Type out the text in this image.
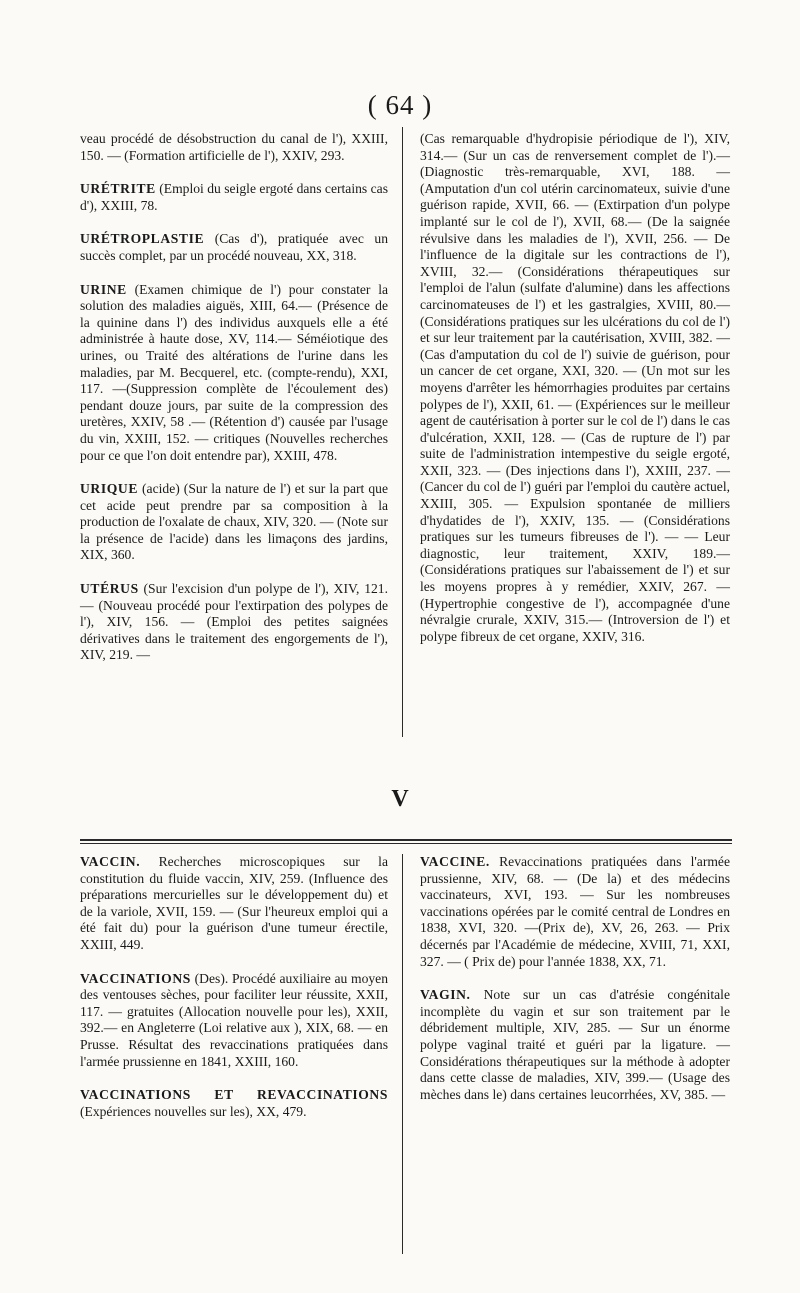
( 64 )

veau procédé de désobstruction du canal de l'), XXIII, 150. — (Formation artificielle de l'), XXIV, 293.

URÉTRITE (Emploi du seigle ergoté dans certains cas d'), XXIII, 78.

URÉTROPLASTIE (Cas d'), pratiquée avec un succès complet, par un procédé nouveau, XX, 318.

URINE (Examen chimique de l') pour constater la solution des maladies aiguës, XIII, 64.— (Présence de la quinine dans l') des individus auxquels elle a été administrée à haute dose, XV, 114.— Séméiotique des urines, ou Traité des altérations de l'urine dans les maladies, par M. Becquerel, etc. (compte-rendu), XXI, 117. —(Suppression complète de l'écoulement des) pendant douze jours, par suite de la compression des uretères, XXIV, 58 .— (Rétention d') causée par l'usage du vin, XXIII, 152. — critiques (Nouvelles recherches pour ce que l'on doit entendre par), XXIII, 478.

URIQUE (acide) (Sur la nature de l') et sur la part que cet acide peut prendre par sa composition à la production de l'oxalate de chaux, XIV, 320. — (Note sur la présence de l'acide) dans les limaçons des jardins, XIX, 360.

UTÉRUS (Sur l'excision d'un polype de l'), XIV, 121.— (Nouveau procédé pour l'extirpation des polypes de l'), XIV, 156. — (Emploi des petites saignées dérivatives dans le traitement des engorgements de l'), XIV, 219. —

(Cas remarquable d'hydropisie périodique de l'), XIV, 314.— (Sur un cas de renversement complet de l').— (Diagnostic très-remarquable, XVI, 188. — (Amputation d'un col utérin carcinomateux, suivie d'une guérison rapide, XVII, 66. — (Extirpation d'un polype implanté sur le col de l'), XVII, 68.— (De la saignée révulsive dans les maladies de l'), XVII, 256. — De l'influence de la digitale sur les contractions de l'), XVIII, 32.— (Considérations thérapeutiques sur l'emploi de l'alun (sulfate d'alumine) dans les affections carcinomateuses de l') et les gastralgies, XVIII, 80.— (Considérations pratiques sur les ulcérations du col de l') et sur leur traitement par la cautérisation, XVIII, 382. — (Cas d'amputation du col de l') suivie de guérison, pour un cancer de cet organe, XXI, 320. — (Un mot sur les moyens d'arrêter les hémorrhagies produites par certains polypes de l'), XXII, 61. — (Expériences sur le meilleur agent de cautérisation à porter sur le col de l') dans le cas d'ulcération, XXII, 128. — (Cas de rupture de l') par suite de l'administration intempestive du seigle ergoté, XXII, 323. — (Des injections dans l'), XXIII, 237. — (Cancer du col de l') guéri par l'emploi du cautère actuel, XXIII, 305. — Expulsion spontanée de milliers d'hydatides de l'), XXIV, 135. — (Considérations pratiques sur les tumeurs fibreuses de l'). — — Leur diagnostic, leur traitement, XXIV, 189.— (Considérations pratiques sur l'abaissement de l') et sur les moyens propres à y remédier, XXIV, 267. — (Hypertrophie congestive de l'), accompagnée d'une névralgie crurale, XXIV, 315.— (Introversion de l') et polype fibreux de cet organe, XXIV, 316.

V

VACCIN. Recherches microscopiques sur la constitution du fluide vaccin, XIV, 259. (Influence des préparations mercurielles sur le développement du) et de la variole, XVII, 159. — (Sur l'heureux emploi qui a été fait du) pour la guérison d'une tumeur érectile, XXIII, 449.

VACCINATIONS (Des). Procédé auxiliaire au moyen des ventouses sèches, pour faciliter leur réussite, XXII, 117. — gratuites (Allocation nouvelle pour les), XXII, 392.— en Angleterre (Loi relative aux ), XIX, 68. — en Prusse. Résultat des revaccinations pratiquées dans l'armée prussienne en 1841, XXIII, 160.

VACCINATIONS ET REVACCINATIONS (Expériences nouvelles sur les), XX, 479.

VACCINE. Revaccinations pratiquées dans l'armée prussienne, XIV, 68. — (De la) et des médecins vaccinateurs, XVI, 193. — Sur les nombreuses vaccinations opérées par le comité central de Londres en 1838, XVI, 320. —(Prix de), XV, 26, 263. — Prix décernés par l'Académie de médecine, XVIII, 71, XXI, 327. — ( Prix de) pour l'année 1838, XX, 71.

VAGIN. Note sur un cas d'atrésie congénitale incomplète du vagin et sur son traitement par le débridement multiple, XIV, 285. — Sur un énorme polype vaginal traité et guéri par la ligature. — Considérations thérapeutiques sur la méthode à adopter dans cette classe de maladies, XIV, 399.— (Usage des mèches dans le) dans certaines leucorrhées, XV, 385. —
